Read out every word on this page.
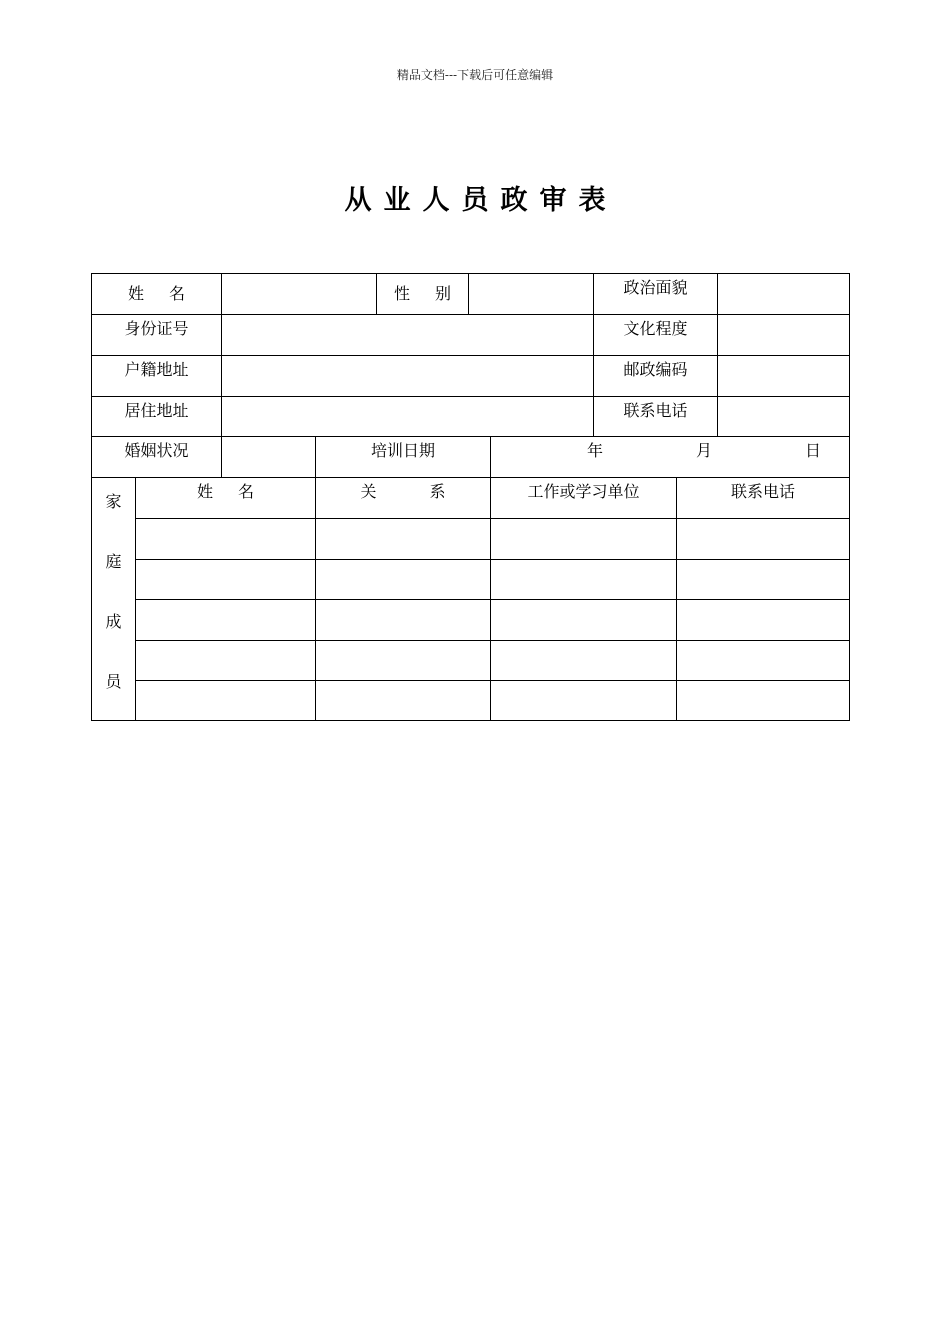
精品文档---下载后可任意编辑
从业人员政审表
姓 名	性 别	政治面貌
身份证号	文化程度
户籍地址	邮政编码
居住地址	联系电话
婚姻状况	培训日期	年	月	日
家
庭
成
员
姓 名	关 系	工作或学习单位	联系电话
